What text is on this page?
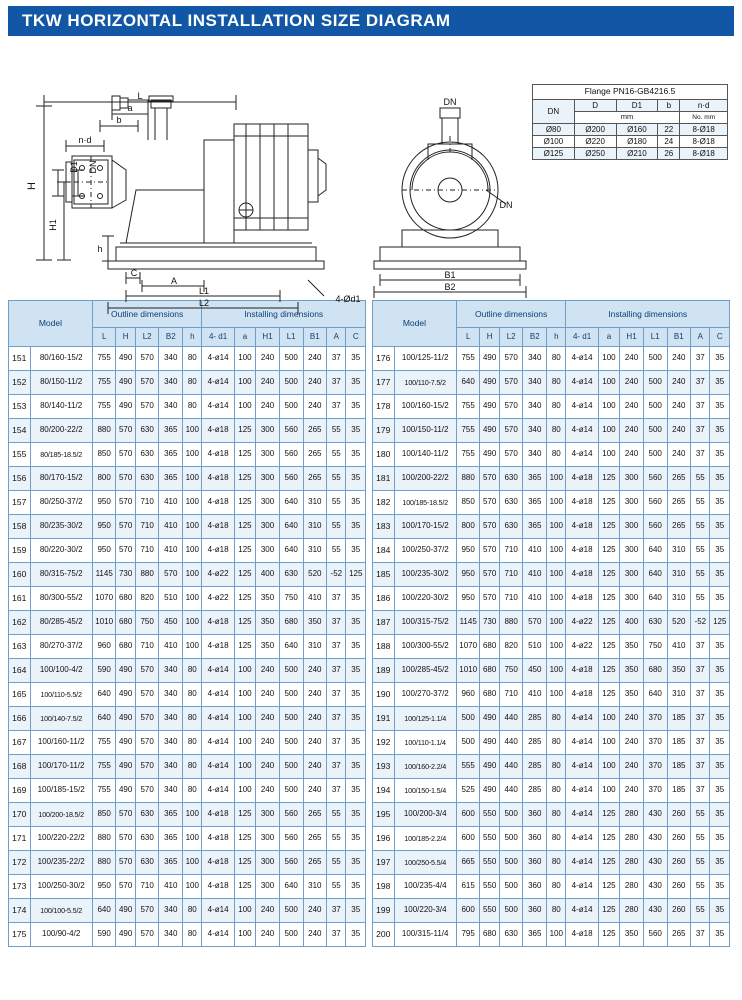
TKW HORIZONTAL INSTALLATION SIZE DIAGRAM
L
a
b
n·d
D1 DN
H
H1
h
C
A
L1
L2	4-Ød1
DN
DN
B1
B2
Flange PN16-GB4216.5				
DN	D	D1	b	n·d
	mm			No. mm
Ø80	Ø200	Ø160	22	8-Ø18
Ø100	Ø220	Ø180	24	8-Ø18
Ø125	Ø250	Ø210	26	8-Ø18
Model		Outline dimensions					Installing dimensions						
		L	H	L2	B2	h	4- d1	a	H1	L1	B1	A	C
151	80/160-15/2	755	490	570	340	80	4-ø14	100	240	500	240	37	35
152	80/150-11/2	755	490	570	340	80	4-ø14	100	240	500	240	37	35
153	80/140-11/2	755	490	570	340	80	4-ø14	100	240	500	240	37	35
154	80/200-22/2	880	570	630	365	100	4-ø18	125	300	560	265	55	35
155	80/185-18.5/2	850	570	630	365	100	4-ø18	125	300	560	265	55	35
156	80/170-15/2	800	570	630	365	100	4-ø18	125	300	560	265	55	35
157	80/250-37/2	950	570	710	410	100	4-ø18	125	300	640	310	55	35
158	80/235-30/2	950	570	710	410	100	4-ø18	125	300	640	310	55	35
159	80/220-30/2	950	570	710	410	100	4-ø18	125	300	640	310	55	35
160	80/315-75/2	1145	730	880	570	100	4-ø22	125	400	630	520	-52	125
161	80/300-55/2	1070	680	820	510	100	4-ø22	125	350	750	410	37	35
162	80/285-45/2	1010	680	750	450	100	4-ø18	125	350	680	350	37	35
163	80/270-37/2	960	680	710	410	100	4-ø18	125	350	640	310	37	35
164	100/100-4/2	590	490	570	340	80	4-ø14	100	240	500	240	37	35
165	100/110-5.5/2	640	490	570	340	80	4-ø14	100	240	500	240	37	35
166	100/140-7.5/2	640	490	570	340	80	4-ø14	100	240	500	240	37	35
167	100/160-11/2	755	490	570	340	80	4-ø14	100	240	500	240	37	35
168	100/170-11/2	755	490	570	340	80	4-ø14	100	240	500	240	37	35
169	100/185-15/2	755	490	570	340	80	4-ø14	100	240	500	240	37	35
170	100/200-18.5/2	850	570	630	365	100	4-ø18	125	300	560	265	55	35
171	100/220-22/2	880	570	630	365	100	4-ø18	125	300	560	265	55	35
172	100/235-22/2	880	570	630	365	100	4-ø18	125	300	560	265	55	35
173	100/250-30/2	950	570	710	410	100	4-ø18	125	300	640	310	55	35
174	100/100-5.5/2	640	490	570	340	80	4-ø14	100	240	500	240	37	35
175	100/90-4/2	590	490	570	340	80	4-ø14	100	240	500	240	37	35
Model		Outline dimensions					Installing dimensions						
		L	H	L2	B2	h	4- d1	a	H1	L1	B1	A	C
176	100/125-11/2	755	490	570	340	80	4-ø14	100	240	500	240	37	35
177	100/110-7.5/2	640	490	570	340	80	4-ø14	100	240	500	240	37	35
178	100/160-15/2	755	490	570	340	80	4-ø14	100	240	500	240	37	35
179	100/150-11/2	755	490	570	340	80	4-ø14	100	240	500	240	37	35
180	100/140-11/2	755	490	570	340	80	4-ø14	100	240	500	240	37	35
181	100/200-22/2	880	570	630	365	100	4-ø18	125	300	560	265	55	35
182	100/185-18.5/2	850	570	630	365	100	4-ø18	125	300	560	265	55	35
183	100/170-15/2	800	570	630	365	100	4-ø18	125	300	560	265	55	35
184	100/250-37/2	950	570	710	410	100	4-ø18	125	300	640	310	55	35
185	100/235-30/2	950	570	710	410	100	4-ø18	125	300	640	310	55	35
186	100/220-30/2	950	570	710	410	100	4-ø18	125	300	640	310	55	35
187	100/315-75/2	1145	730	880	570	100	4-ø22	125	400	630	520	-52	125
188	100/300-55/2	1070	680	820	510	100	4-ø22	125	350	750	410	37	35
189	100/285-45/2	1010	680	750	450	100	4-ø18	125	350	680	350	37	35
190	100/270-37/2	960	680	710	410	100	4-ø18	125	350	640	310	37	35
191	100/125-1.1/4	500	490	440	285	80	4-ø14	100	240	370	185	37	35
192	100/110-1.1/4	500	490	440	285	80	4-ø14	100	240	370	185	37	35
193	100/160-2.2/4	555	490	440	285	80	4-ø14	100	240	370	185	37	35
194	100/150-1.5/4	525	490	440	285	80	4-ø14	100	240	370	185	37	35
195	100/200-3/4	600	550	500	360	80	4-ø14	125	280	430	260	55	35
196	100/185-2.2/4	600	550	500	360	80	4-ø14	125	280	430	260	55	35
197	100/250-5.5/4	665	550	500	360	80	4-ø14	125	280	430	260	55	35
198	100/235-4/4	615	550	500	360	80	4-ø14	125	280	430	260	55	35
199	100/220-3/4	600	550	500	360	80	4-ø14	125	280	430	260	55	35
200	100/315-11/4	795	680	630	365	100	4-ø18	125	350	560	265	37	35
